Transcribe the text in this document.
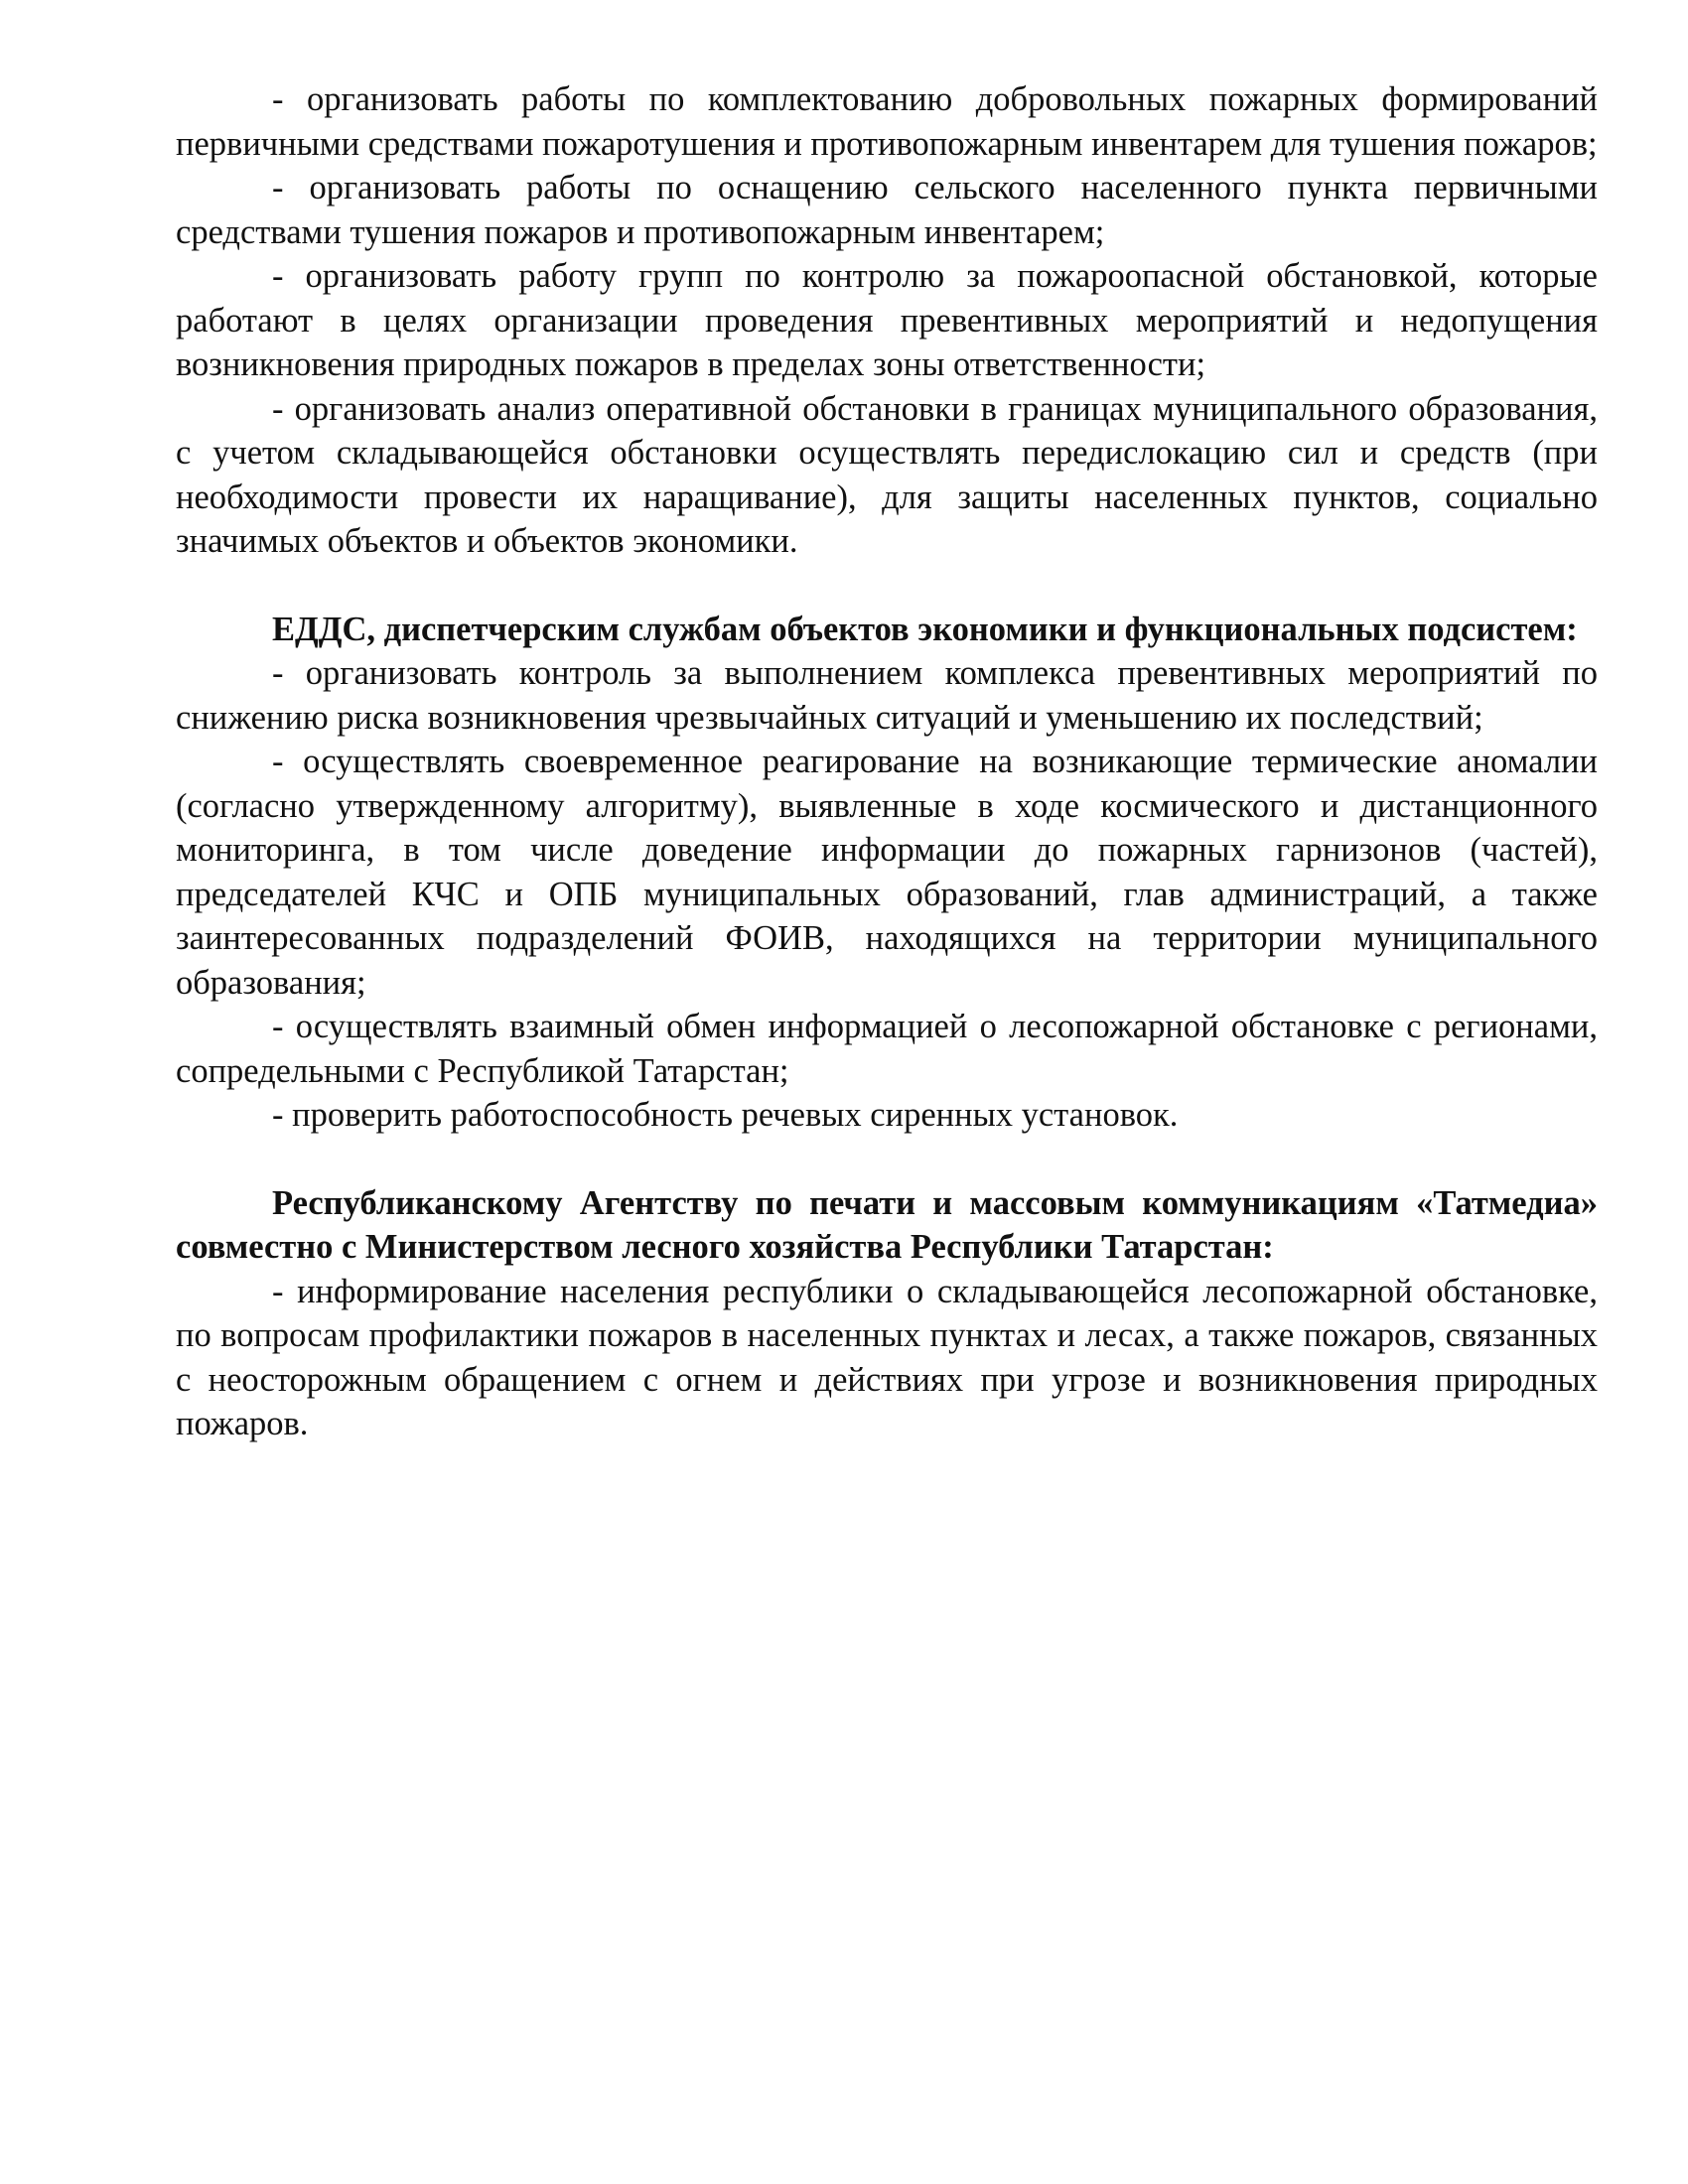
- организовать работы по комплектованию добровольных пожарных формирований первичными средствами пожаротушения и противопожарным инвентарем для тушения пожаров;

- организовать работы по оснащению сельского населенного пункта первичными средствами тушения пожаров и противопожарным инвентарем;

- организовать работу групп по контролю за пожароопасной обстановкой, которые работают в целях организации проведения превентивных мероприятий и недопущения возникновения природных пожаров в пределах зоны ответственности;

- организовать анализ оперативной обстановки в границах муниципального образования, с учетом складывающейся обстановки осуществлять передислокацию сил и средств (при необходимости провести их наращивание), для защиты населенных пунктов, социально значимых объектов и объектов экономики.

ЕДДС, диспетчерским службам объектов экономики и функциональных подсистем:

- организовать контроль за выполнением комплекса превентивных мероприятий по снижению риска возникновения чрезвычайных ситуаций и уменьшению их последствий;

- осуществлять своевременное реагирование на возникающие термические аномалии (согласно утвержденному алгоритму), выявленные в ходе космического и дистанционного мониторинга, в том числе доведение информации до пожарных гарнизонов (частей), председателей КЧС и ОПБ муниципальных образований, глав администраций, а также заинтересованных подразделений ФОИВ, находящихся на территории муниципального образования;

- осуществлять взаимный обмен информацией о лесопожарной обстановке с регионами, сопредельными с Республикой Татарстан;

- проверить работоспособность речевых сиренных установок.

Республиканскому Агентству по печати и массовым коммуникациям «Татмедиа» совместно с Министерством лесного хозяйства Республики Татарстан:

- информирование населения республики о складывающейся лесопожарной обстановке, по вопросам профилактики пожаров в населенных пунктах и лесах, а также пожаров, связанных с неосторожным обращением с огнем и действиях при угрозе и возникновения природных пожаров.
